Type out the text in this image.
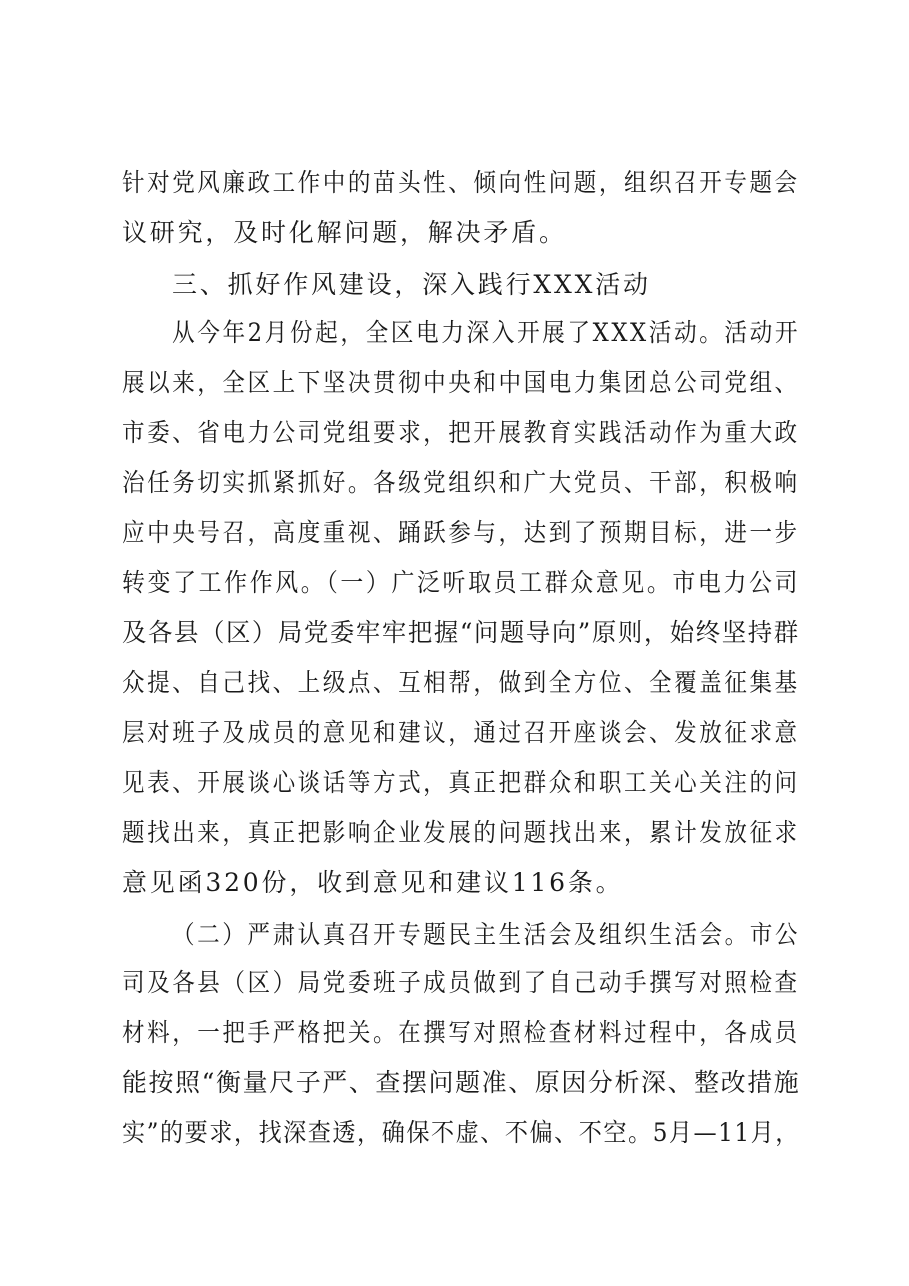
针对党风廉政工作中的苗头性、倾向性问题，组织召开专题会

议研究，及时化解问题，解决矛盾。

三、抓好作风建设，深入践行XXX活动

从今年2月份起，全区电力深入开展了XXX活动。活动开

展以来，全区上下坚决贯彻中央和中国电力集团总公司党组、

市委、省电力公司党组要求，把开展教育实践活动作为重大政

治任务切实抓紧抓好。各级党组织和广大党员、干部，积极响

应中央号召，高度重视、踊跃参与，达到了预期目标，进一步

转变了工作作风。（一）广泛听取员工群众意见。市电力公司

及各县（区）局党委牢牢把握“问题导向”原则，始终坚持群

众提、自己找、上级点、互相帮，做到全方位、全覆盖征集基

层对班子及成员的意见和建议，通过召开座谈会、发放征求意

见表、开展谈心谈话等方式，真正把群众和职工关心关注的问

题找出来，真正把影响企业发展的问题找出来，累计发放征求

意见函320份，收到意见和建议116条。

（二）严肃认真召开专题民主生活会及组织生活会。市公

司及各县（区）局党委班子成员做到了自己动手撰写对照检查

材料，一把手严格把关。在撰写对照检查材料过程中，各成员

能按照“衡量尺子严、查摆问题准、原因分析深、整改措施

实”的要求，找深查透，确保不虚、不偏、不空。5月—11月，
